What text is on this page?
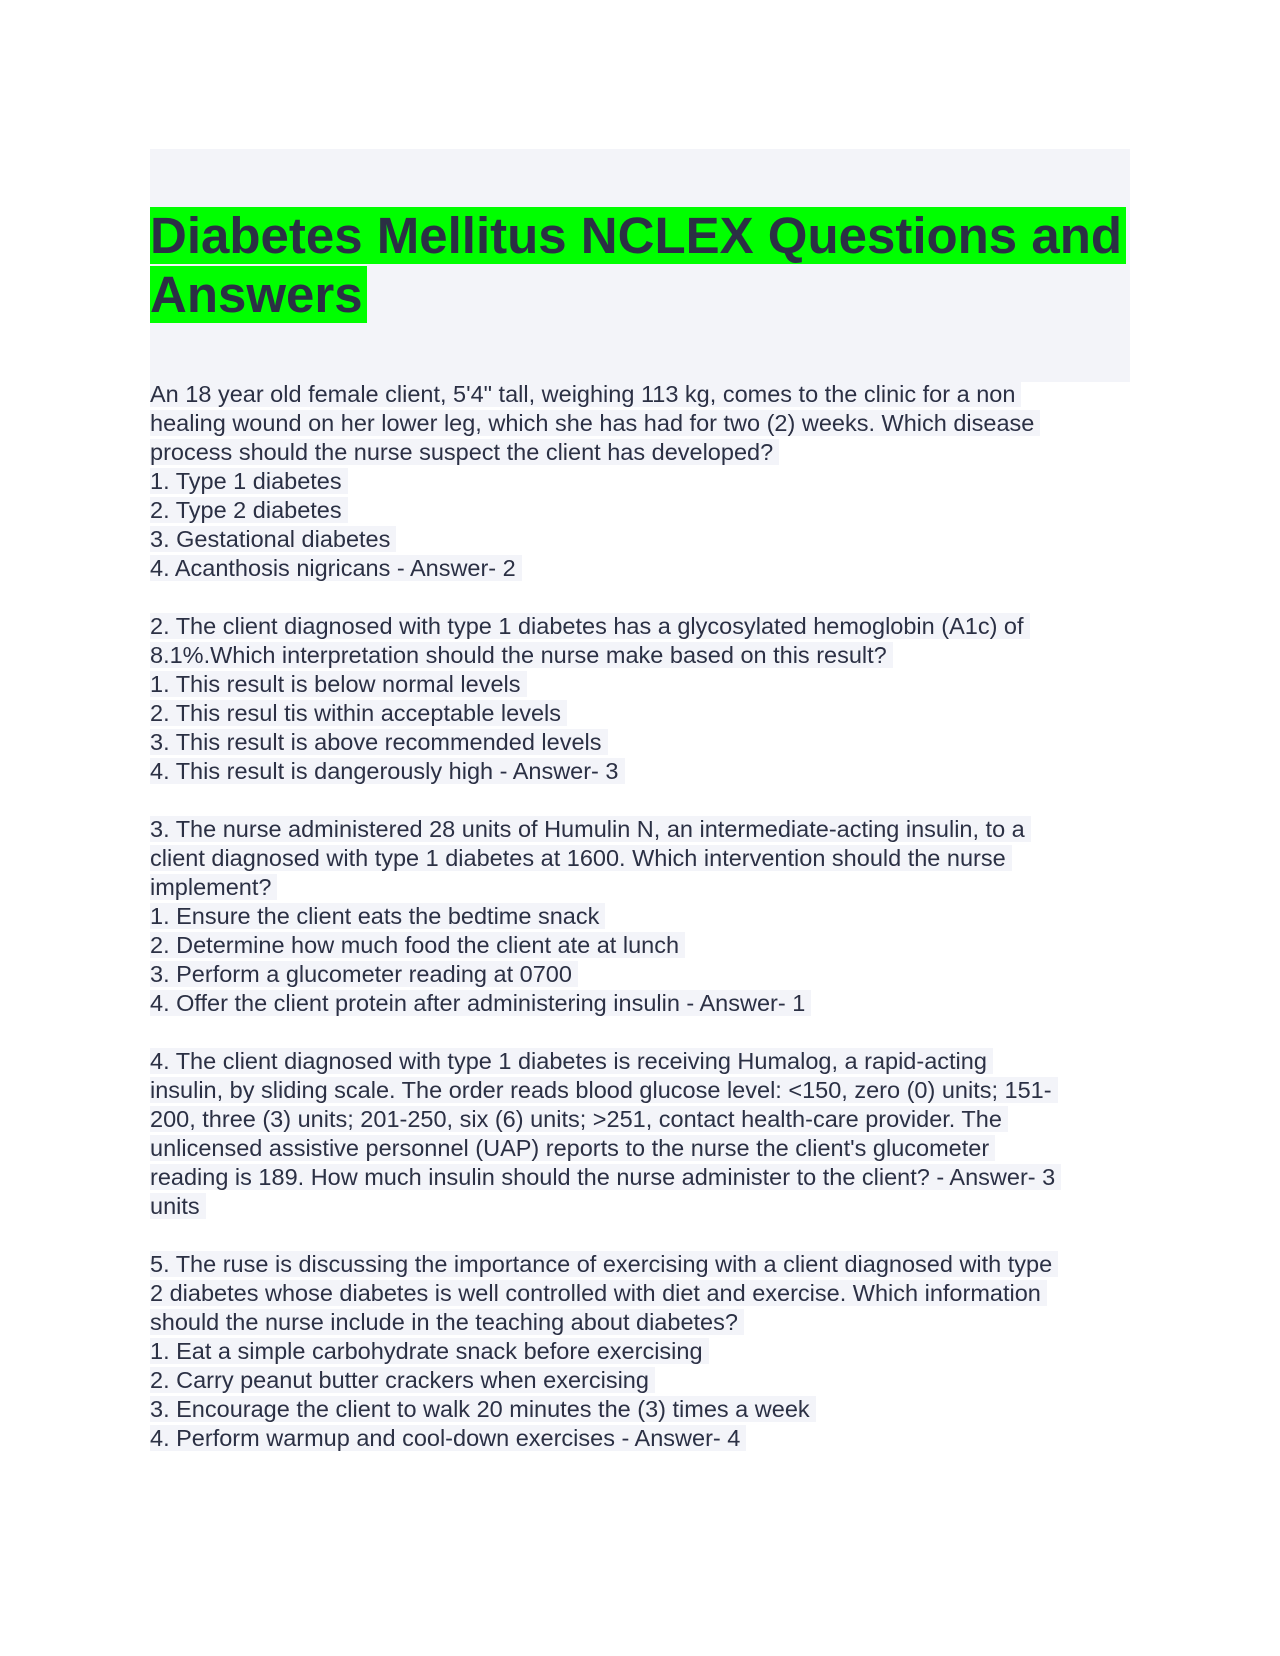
Diabetes Mellitus NCLEX Questions and
Answers
An 18 year old female client, 5'4" tall, weighing 113 kg, comes to the clinic for a non
healing wound on her lower leg, which she has had for two (2) weeks. Which disease
process should the nurse suspect the client has developed?
1. Type 1 diabetes
2. Type 2 diabetes
3. Gestational diabetes
4. Acanthosis nigricans - Answer- 2
2. The client diagnosed with type 1 diabetes has a glycosylated hemoglobin (A1c) of
8.1%.Which interpretation should the nurse make based on this result?
1. This result is below normal levels
2. This resul tis within acceptable levels
3. This result is above recommended levels
4. This result is dangerously high - Answer- 3
3. The nurse administered 28 units of Humulin N, an intermediate-acting insulin, to a
client diagnosed with type 1 diabetes at 1600. Which intervention should the nurse
implement?
1. Ensure the client eats the bedtime snack
2. Determine how much food the client ate at lunch
3. Perform a glucometer reading at 0700
4. Offer the client protein after administering insulin - Answer- 1
4. The client diagnosed with type 1 diabetes is receiving Humalog, a rapid-acting
insulin, by sliding scale. The order reads blood glucose level: <150, zero (0) units; 151-
200, three (3) units; 201-250, six (6) units; >251, contact health-care provider. The
unlicensed assistive personnel (UAP) reports to the nurse the client's glucometer
reading is 189. How much insulin should the nurse administer to the client? - Answer- 3
units
5. The ruse is discussing the importance of exercising with a client diagnosed with type
2 diabetes whose diabetes is well controlled with diet and exercise. Which information
should the nurse include in the teaching about diabetes?
1. Eat a simple carbohydrate snack before exercising
2. Carry peanut butter crackers when exercising
3. Encourage the client to walk 20 minutes the (3) times a week
4. Perform warmup and cool-down exercises - Answer- 4
